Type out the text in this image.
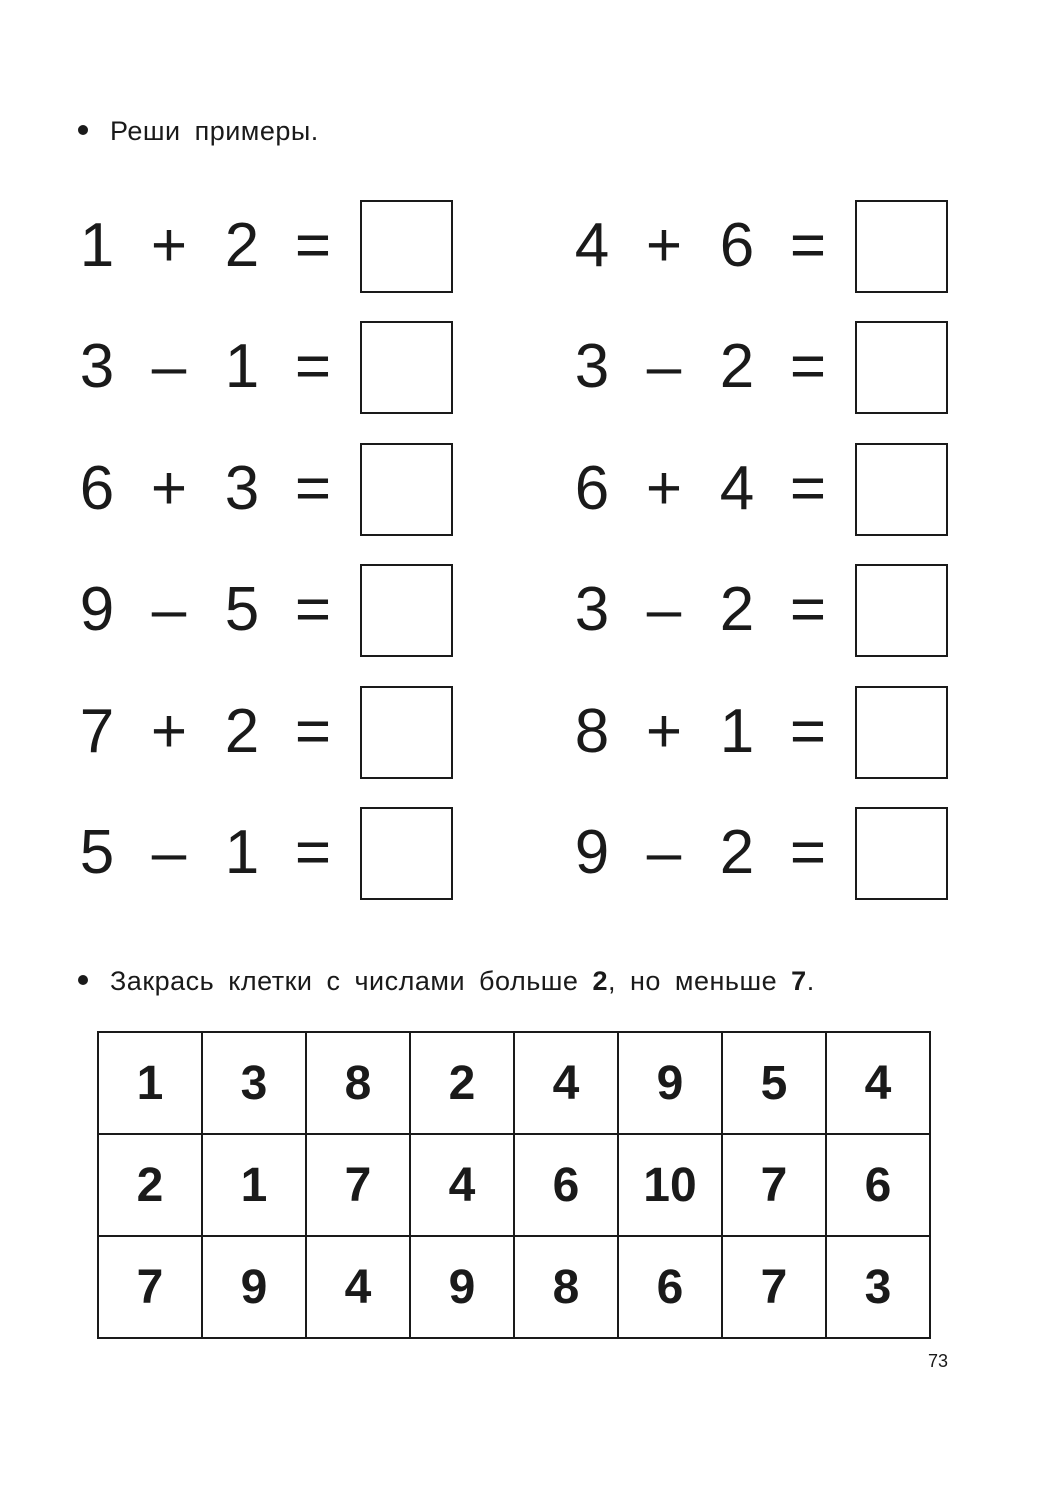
Реши примеры.
1 + 2 =	4 + 6 =
3 – 1 =	3 – 2 =
6 + 3 =	6 + 4 =
9 – 5 =	3 – 2 =
7 + 2 =	8 + 1 =
5 – 1 =	9 – 2 =
Закрась клетки с числами больше 2, но меньше 7.
1	3	8	2	4	9	5	4
2	1	7	4	6	10	7	6
7	9	4	9	8	6	7	3
73
